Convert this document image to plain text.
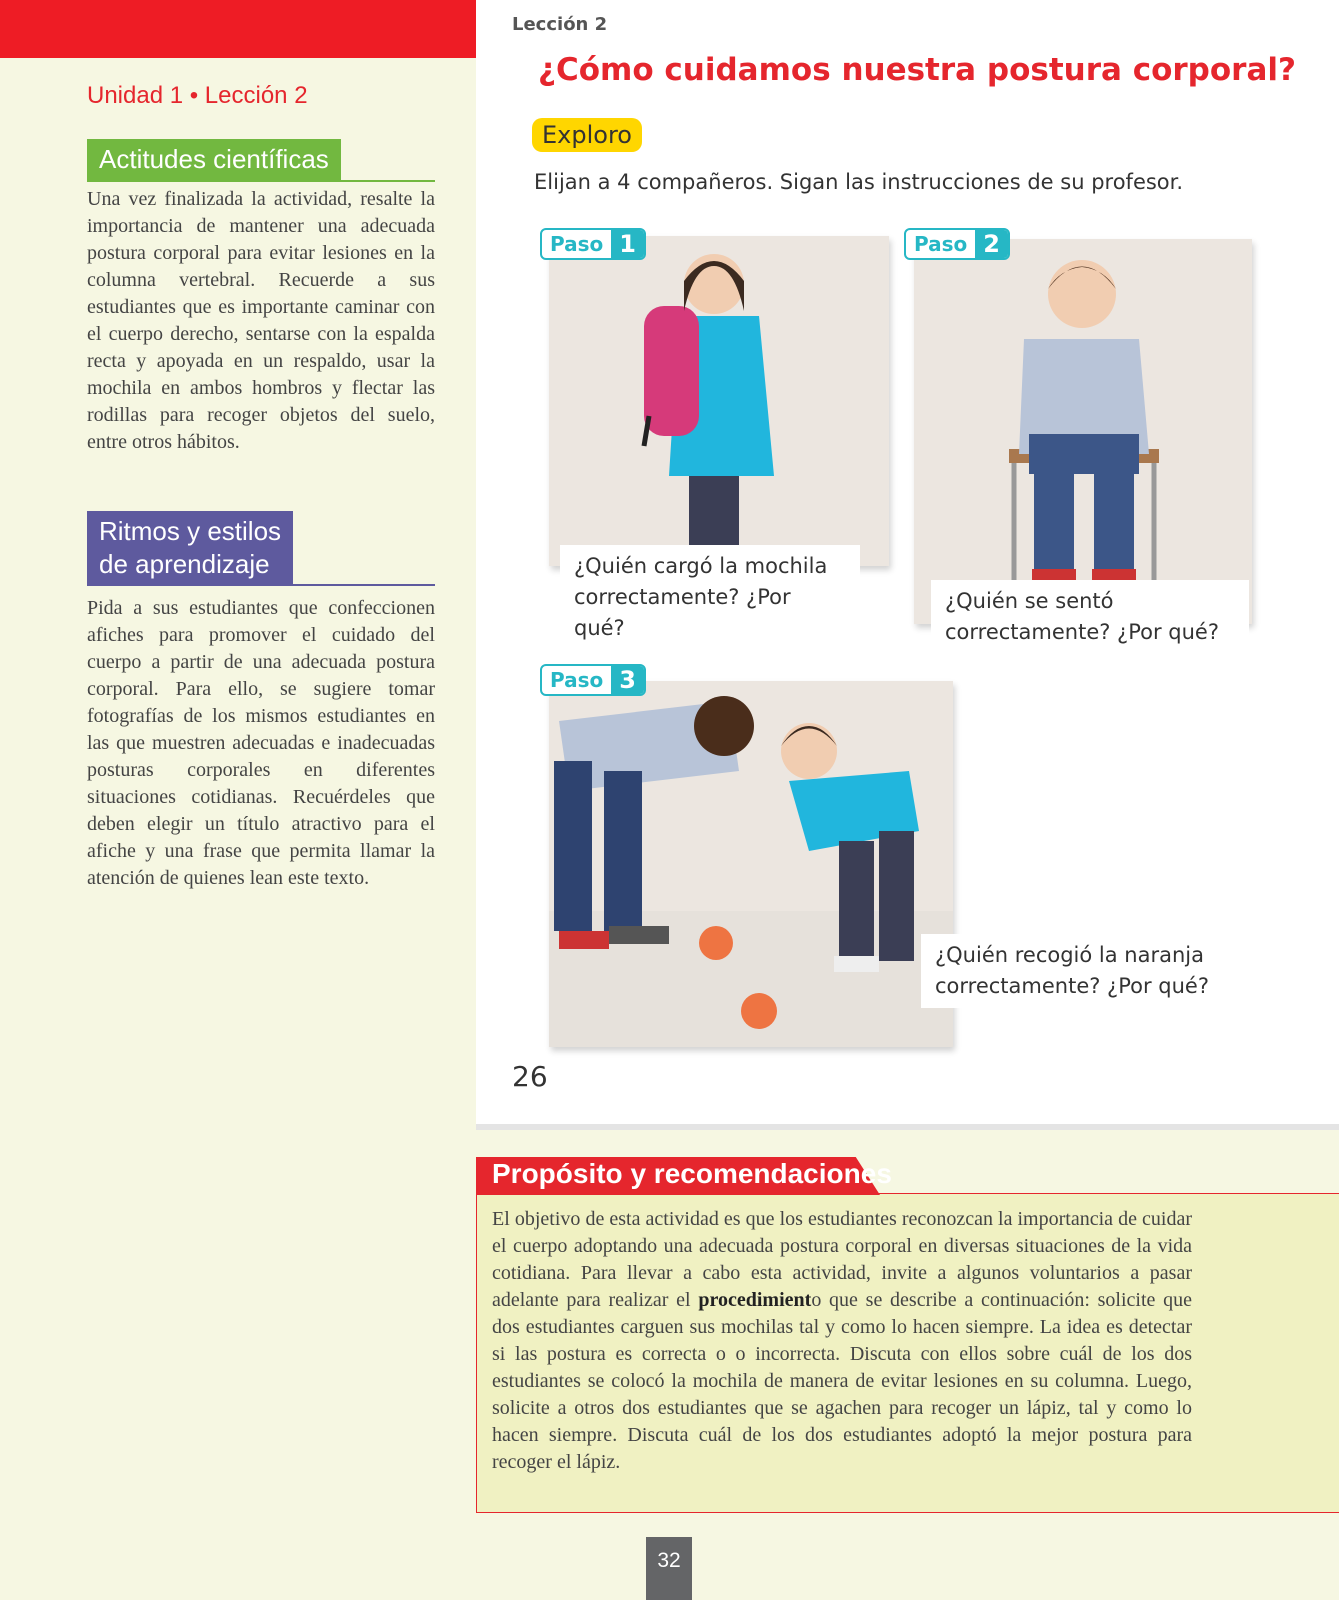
Unidad 1 • Lección 2
Actitudes científicas

Una vez finalizada la actividad, resalte la importancia de mantener una adecuada postura corporal para evitar lesiones en la columna vertebral. Recuerde a sus estudiantes que es importante caminar con el cuerpo derecho, sentarse con la espalda recta y apoyada en un respaldo, usar la mochila en ambos hombros y flectar las rodillas para recoger objetos del suelo, entre otros hábitos.

Ritmos y estilos
de aprendizaje

Pida a sus estudiantes que confeccionen afiches para promover el cuidado del cuerpo a partir de una adecuada postura corporal. Para ello, se sugiere tomar fotografías de los mismos estudiantes en las que muestren adecuadas e inadecuadas posturas corporales en diferentes situaciones cotidianas. Recuérdeles que deben elegir un título atractivo para el afiche y una frase que permita llamar la atención de quienes lean este texto.

Lección 2
¿Cómo cuidamos nuestra postura corporal?
Exploro

Elijan a 4 compañeros. Sigan las instrucciones de su profesor.

Paso 1
¿Quién cargó la mochila
correctamente? ¿Por qué?
Paso 2
¿Quién se sentó
correctamente? ¿Por qué?
Paso 3
¿Quién recogió la naranja
correctamente? ¿Por qué?
26
Propósito y recomendaciones

El objetivo de esta actividad es que los estudiantes reconozcan la importancia de cuidar el cuerpo adoptando una adecuada postura corporal en diversas situaciones de la vida cotidiana. Para llevar a cabo esta actividad, invite a algunos voluntarios a pasar adelante para realizar el procedimiento que se describe a continuación: solicite que dos estudiantes carguen sus mochilas tal y como lo hacen siempre. La idea es detectar si las postura es correcta o o incorrecta. Discuta con ellos sobre cuál de los dos estudiantes se colocó la mochila de manera de evitar lesiones en su columna. Luego, solicite a otros dos estudiantes que se agachen para recoger un lápiz, tal y como lo hacen siempre. Discuta cuál de los dos estudiantes adoptó la mejor postura para recoger el lápiz.

32
